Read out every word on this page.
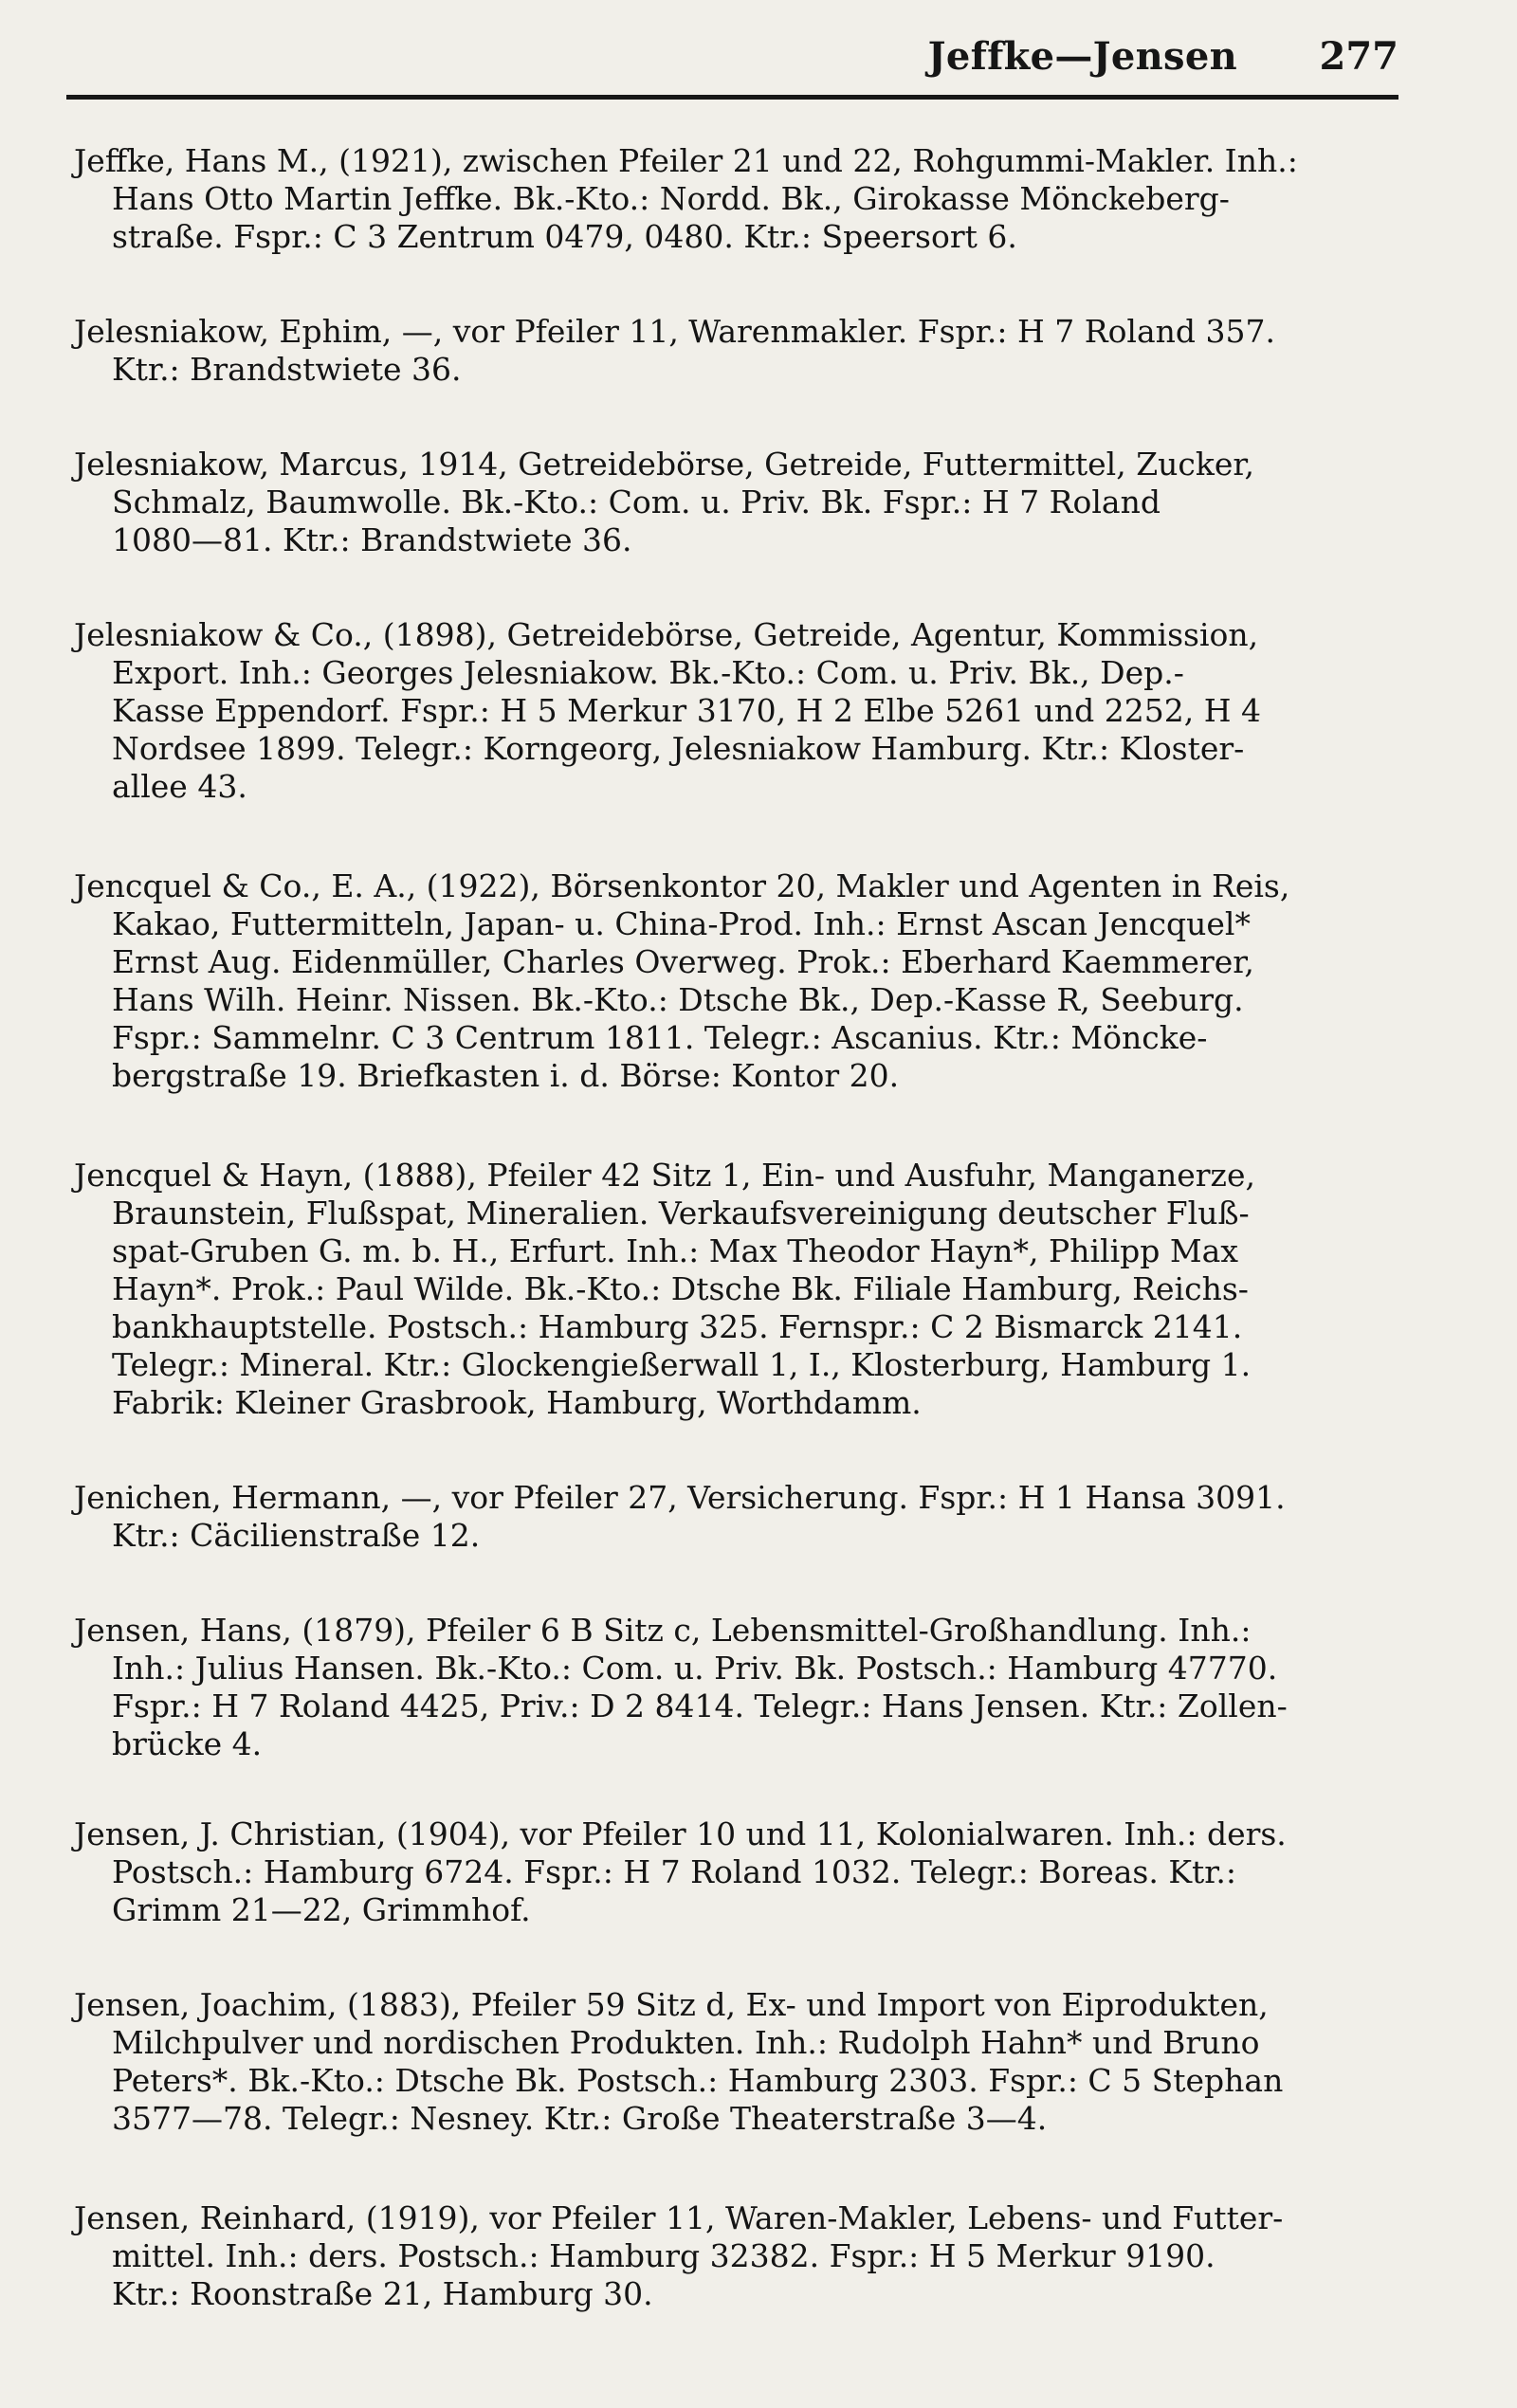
Jeffke—Jensen 277
Jeffke, Hans M., (1921), zwischen Pfeiler 21 und 22, Rohgummi-Makler. Inh.:
Hans Otto Martin Jeffke. Bk.-Kto.: Nordd. Bk., Girokasse Mönckeberg-
straße. Fspr.: C 3 Zentrum 0479, 0480. Ktr.: Speersort 6.
Jelesniakow, Ephim, —, vor Pfeiler 11, Warenmakler. Fspr.: H 7 Roland 357.
Ktr.: Brandstwiete 36.
Jelesniakow, Marcus, 1914, Getreidebörse, Getreide, Futtermittel, Zucker,
Schmalz, Baumwolle. Bk.-Kto.: Com. u. Priv. Bk. Fspr.: H 7 Roland
1080—81. Ktr.: Brandstwiete 36.
Jelesniakow & Co., (1898), Getreidebörse, Getreide, Agentur, Kommission,
Export. Inh.: Georges Jelesniakow. Bk.-Kto.: Com. u. Priv. Bk., Dep.-
Kasse Eppendorf. Fspr.: H 5 Merkur 3170, H 2 Elbe 5261 und 2252, H 4
Nordsee 1899. Telegr.: Korngeorg, Jelesniakow Hamburg. Ktr.: Kloster-
allee 43.
Jencquel & Co., E. A., (1922), Börsenkontor 20, Makler und Agenten in Reis,
Kakao, Futtermitteln, Japan- u. China-Prod. Inh.: Ernst Ascan Jencquel*
Ernst Aug. Eidenmüller, Charles Overweg. Prok.: Eberhard Kaemmerer,
Hans Wilh. Heinr. Nissen. Bk.-Kto.: Dtsche Bk., Dep.-Kasse R, Seeburg.
Fspr.: Sammelnr. C 3 Centrum 1811. Telegr.: Ascanius. Ktr.: Möncke-
bergstraße 19. Briefkasten i. d. Börse: Kontor 20.
Jencquel & Hayn, (1888), Pfeiler 42 Sitz 1, Ein- und Ausfuhr, Manganerze,
Braunstein, Flußspat, Mineralien. Verkaufsvereinigung deutscher Fluß-
spat-Gruben G. m. b. H., Erfurt. Inh.: Max Theodor Hayn*, Philipp Max
Hayn*. Prok.: Paul Wilde. Bk.-Kto.: Dtsche Bk. Filiale Hamburg, Reichs-
bankhauptstelle. Postsch.: Hamburg 325. Fernspr.: C 2 Bismarck 2141.
Telegr.: Mineral. Ktr.: Glockengießerwall 1, I., Klosterburg, Hamburg 1.
Fabrik: Kleiner Grasbrook, Hamburg, Worthdamm.
Jenichen, Hermann, —, vor Pfeiler 27, Versicherung. Fspr.: H 1 Hansa 3091.
Ktr.: Cäcilienstraße 12.
Jensen, Hans, (1879), Pfeiler 6 B Sitz c, Lebensmittel-Großhandlung. Inh.:
Inh.: Julius Hansen. Bk.-Kto.: Com. u. Priv. Bk. Postsch.: Hamburg 47770.
Fspr.: H 7 Roland 4425, Priv.: D 2 8414. Telegr.: Hans Jensen. Ktr.: Zollen-
brücke 4.
Jensen, J. Christian, (1904), vor Pfeiler 10 und 11, Kolonialwaren. Inh.: ders.
Postsch.: Hamburg 6724. Fspr.: H 7 Roland 1032. Telegr.: Boreas. Ktr.:
Grimm 21—22, Grimmhof.
Jensen, Joachim, (1883), Pfeiler 59 Sitz d, Ex- und Import von Eiprodukten,
Milchpulver und nordischen Produkten. Inh.: Rudolph Hahn* und Bruno
Peters*. Bk.-Kto.: Dtsche Bk. Postsch.: Hamburg 2303. Fspr.: C 5 Stephan
3577—78. Telegr.: Nesney. Ktr.: Große Theaterstraße 3—4.
Jensen, Reinhard, (1919), vor Pfeiler 11, Waren-Makler, Lebens- und Futter-
mittel. Inh.: ders. Postsch.: Hamburg 32382. Fspr.: H 5 Merkur 9190.
Ktr.: Roonstraße 21, Hamburg 30.
